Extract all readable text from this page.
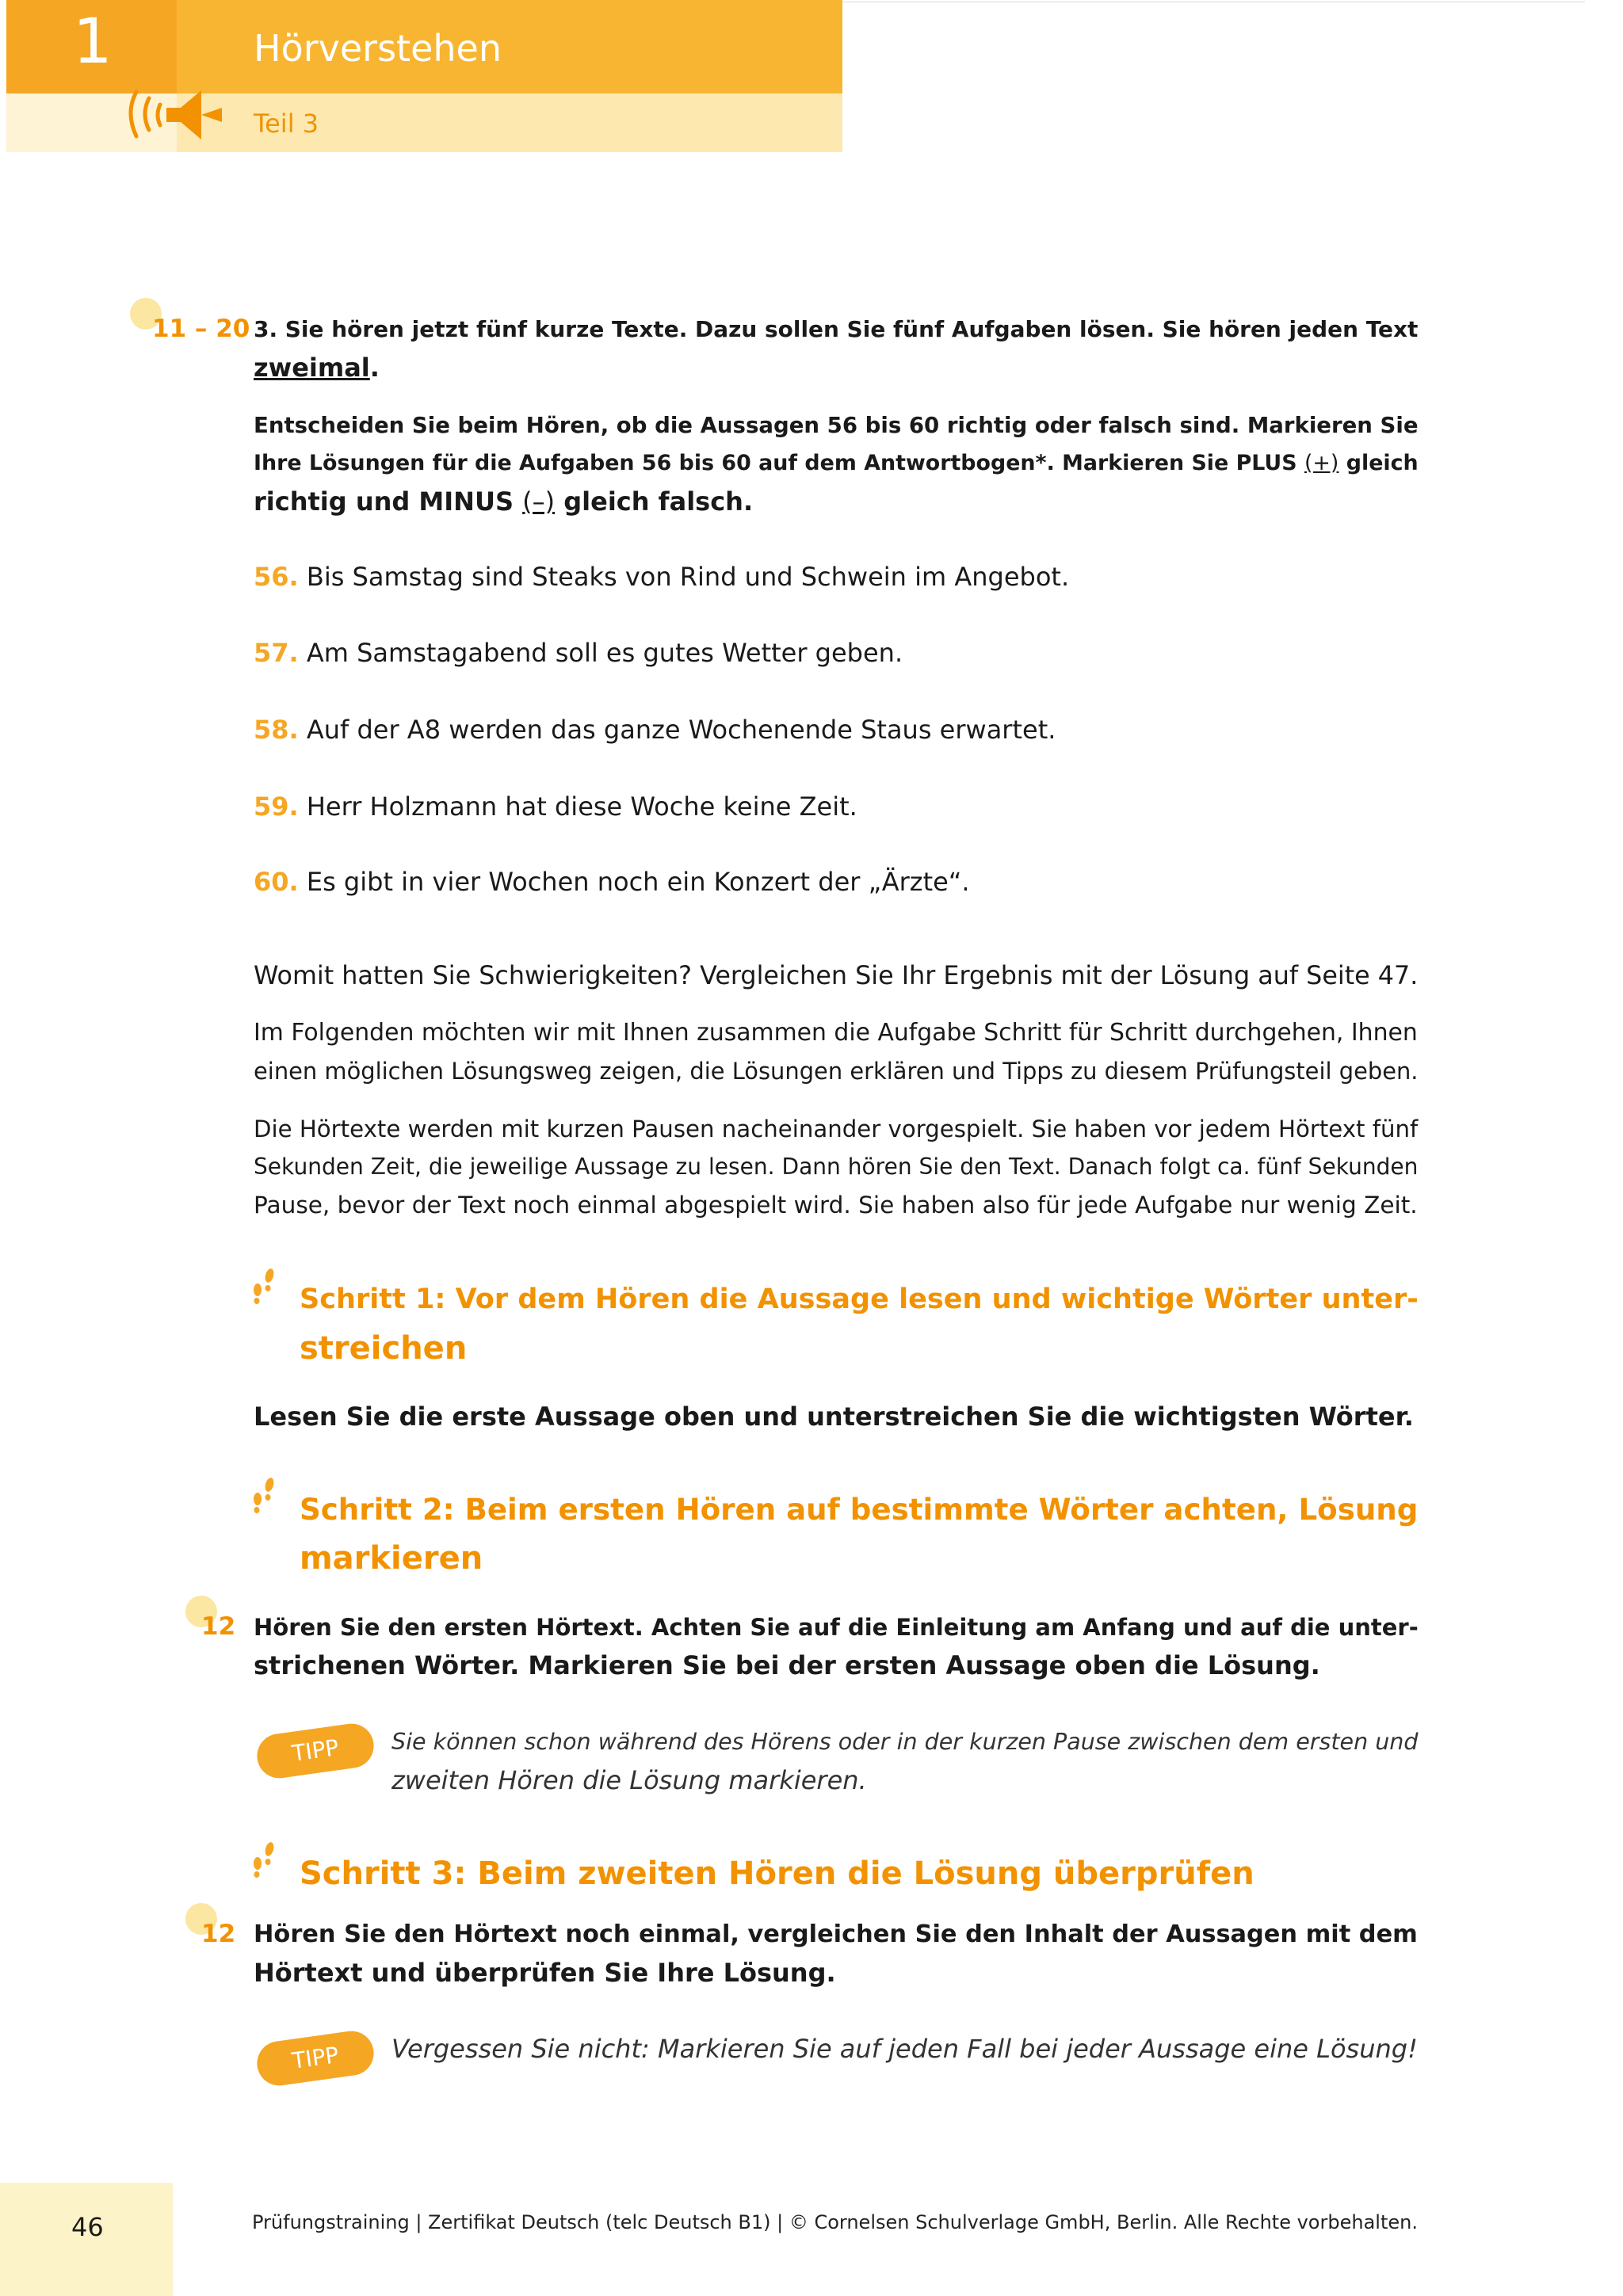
1	Hörverstehen
Teil 3
11 – 20 3. Sie hören jetzt fünf kurze Texte. Dazu sollen Sie fünf Aufgaben lösen. Sie hören jeden Text
zweimal.
Entscheiden Sie beim Hören, ob die Aussagen 56 bis 60 richtig oder falsch sind. Markieren Sie
Ihre Lösungen für die Aufgaben 56 bis 60 auf dem Antwortbogen*. Markieren Sie PLUS (+) gleich
richtig und MINUS (–) gleich falsch.
56. Bis Samstag sind Steaks von Rind und Schwein im Angebot.
57. Am Samstagabend soll es gutes Wetter geben.
58. Auf der A8 werden das ganze Wochenende Staus erwartet.
59. Herr Holzmann hat diese Woche keine Zeit.
60. Es gibt in vier Wochen noch ein Konzert der „Ärzte“.
Womit hatten Sie Schwierigkeiten? Vergleichen Sie Ihr Ergebnis mit der Lösung auf Seite 47.
Im Folgenden möchten wir mit Ihnen zusammen die Aufgabe Schritt für Schritt durchgehen, Ihnen
einen möglichen Lösungsweg zeigen, die Lösungen erklären und Tipps zu diesem Prüfungsteil geben.
Die Hörtexte werden mit kurzen Pausen nacheinander vorgespielt. Sie haben vor jedem Hörtext fünf
Sekunden Zeit, die jeweilige Aussage zu lesen. Dann hören Sie den Text. Danach folgt ca. fünf Sekunden
Pause, bevor der Text noch einmal abgespielt wird. Sie haben also für jede Aufgabe nur wenig Zeit.
Schritt 1: Vor dem Hören die Aussage lesen und wichtige Wörter unter-
streichen
Lesen Sie die erste Aussage oben und unterstreichen Sie die wichtigsten Wörter.
Schritt 2: Beim ersten Hören auf bestimmte Wörter achten, Lösung
markieren
12 Hören Sie den ersten Hörtext. Achten Sie auf die Einleitung am Anfang und auf die unter-
strichenen Wörter. Markieren Sie bei der ersten Aussage oben die Lösung.
TIPP	Sie können schon während des Hörens oder in der kurzen Pause zwischen dem ersten und
zweiten Hören die Lösung markieren.
Schritt 3: Beim zweiten Hören die Lösung überprüfen
12 Hören Sie den Hörtext noch einmal, vergleichen Sie den Inhalt der Aussagen mit dem
Hörtext und überprüfen Sie Ihre Lösung.
TIPP	Vergessen Sie nicht: Markieren Sie auf jeden Fall bei jeder Aussage eine Lösung!
46	Prüfungstraining | Zertifikat Deutsch (telc Deutsch B1) | © Cornelsen Schulverlage GmbH, Berlin. Alle Rechte vorbehalten.
